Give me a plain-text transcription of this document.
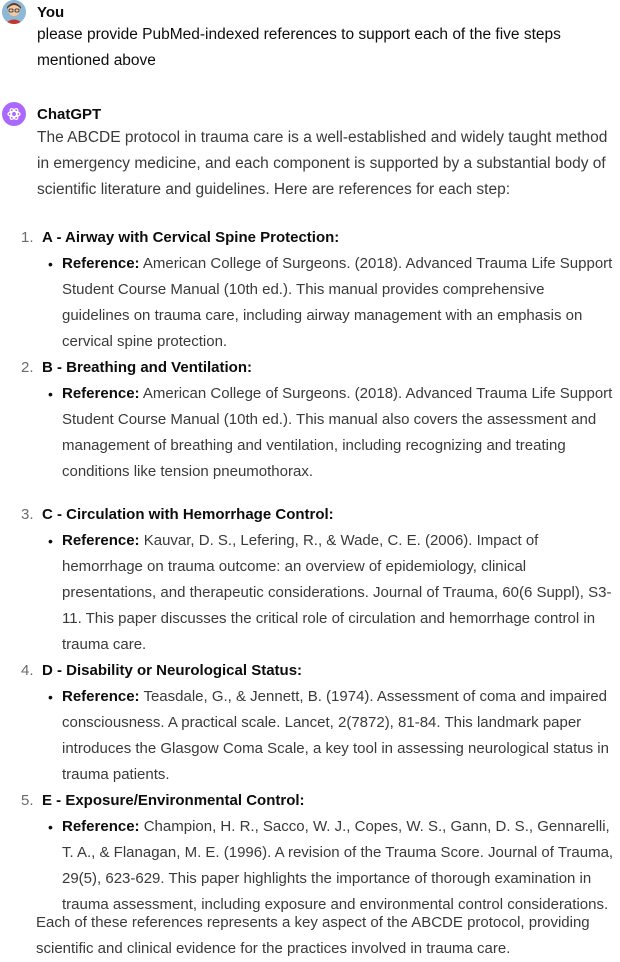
You
please provide PubMed-indexed references to support each of the five steps mentioned above
ChatGPT
The ABCDE protocol in trauma care is a well-established and widely taught method in emergency medicine, and each component is supported by a substantial body of scientific literature and guidelines. Here are references for each step:
1. A - Airway with Cervical Spine Protection:
• Reference: American College of Surgeons. (2018). Advanced Trauma Life Support Student Course Manual (10th ed.). This manual provides comprehensive guidelines on trauma care, including airway management with an emphasis on cervical spine protection.
2. B - Breathing and Ventilation:
• Reference: American College of Surgeons. (2018). Advanced Trauma Life Support Student Course Manual (10th ed.). This manual also covers the assessment and management of breathing and ventilation, including recognizing and treating conditions like tension pneumothorax.
3. C - Circulation with Hemorrhage Control:
• Reference: Kauvar, D. S., Lefering, R., & Wade, C. E. (2006). Impact of hemorrhage on trauma outcome: an overview of epidemiology, clinical presentations, and therapeutic considerations. Journal of Trauma, 60(6 Suppl), S3-11. This paper discusses the critical role of circulation and hemorrhage control in trauma care.
4. D - Disability or Neurological Status:
• Reference: Teasdale, G., & Jennett, B. (1974). Assessment of coma and impaired consciousness. A practical scale. Lancet, 2(7872), 81-84. This landmark paper introduces the Glasgow Coma Scale, a key tool in assessing neurological status in trauma patients.
5. E - Exposure/Environmental Control:
• Reference: Champion, H. R., Sacco, W. J., Copes, W. S., Gann, D. S., Gennarelli, T. A., & Flanagan, M. E. (1996). A revision of the Trauma Score. Journal of Trauma, 29(5), 623-629. This paper highlights the importance of thorough examination in trauma assessment, including exposure and environmental control considerations.
Each of these references represents a key aspect of the ABCDE protocol, providing scientific and clinical evidence for the practices involved in trauma care.
